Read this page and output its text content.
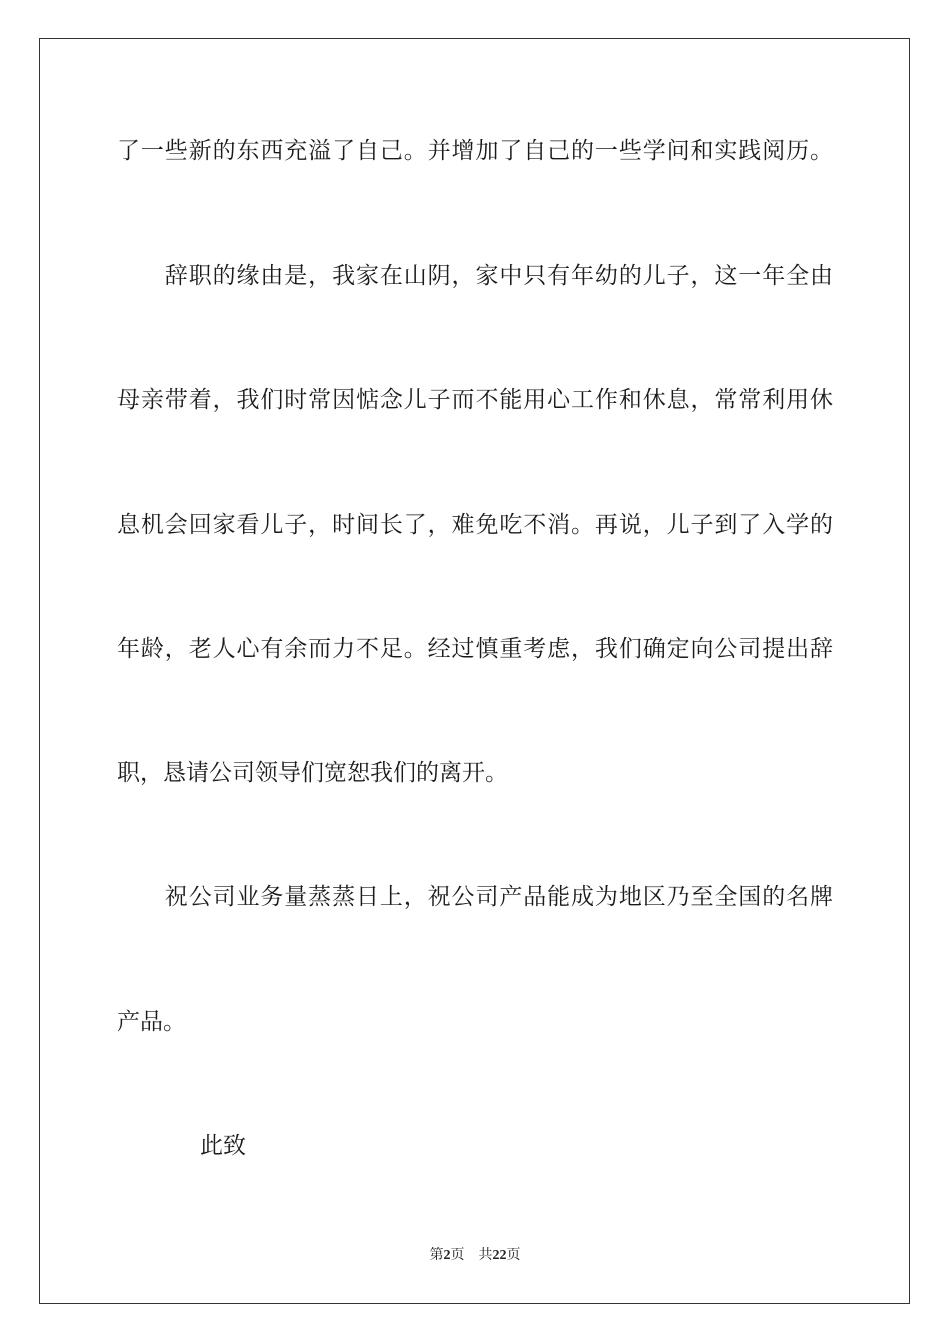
了一些新的东西充溢了自己。并增加了自己的一些学问和实践阅历。
　　辞职的缘由是，我家在山阴，家中只有年幼的儿子，这一年全由
母亲带着，我们时常因惦念儿子而不能用心工作和休息，常常利用休
息机会回家看儿子，时间长了，难免吃不消。再说，儿子到了入学的
年龄，老人心有余而力不足。经过慎重考虑，我们确定向公司提出辞
职，恳请公司领导们宽恕我们的离开。
　　祝公司业务量蒸蒸日上，祝公司产品能成为地区乃至全国的名牌
产品。
此致
第2页 共22页
